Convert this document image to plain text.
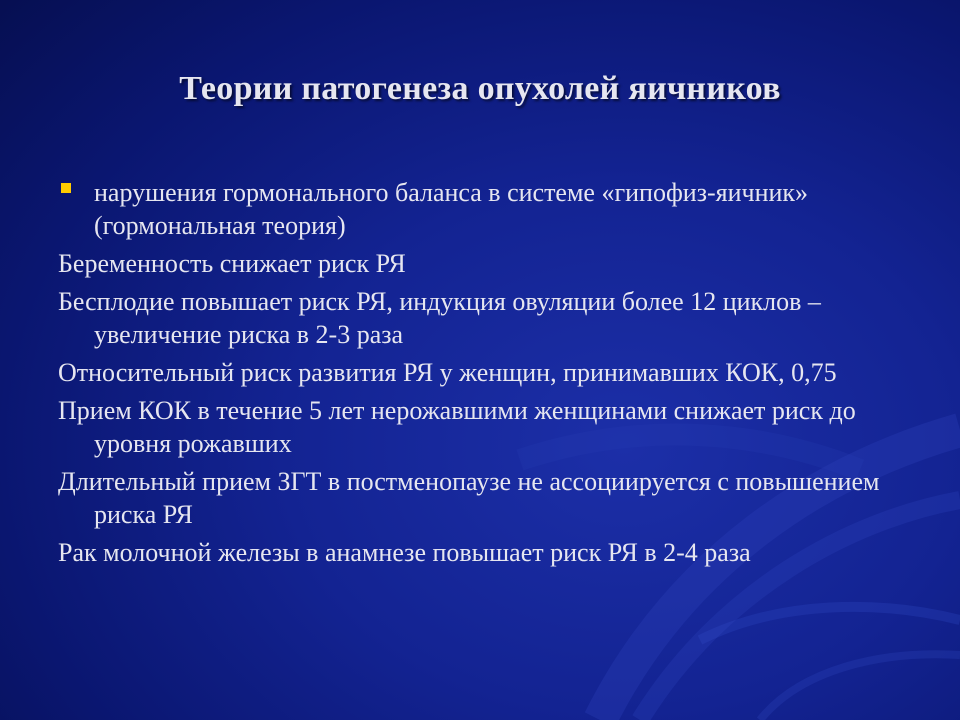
Теории патогенеза опухолей яичников
нарушения гормонального баланса в системе «гипофиз-яичник» (гормональная теория)
Беременность снижает риск РЯ
Бесплодие повышает риск РЯ, индукция овуляции более 12 циклов – увеличение риска в 2-3 раза
Относительный риск развития РЯ у женщин, принимавших КОК, 0,75
Прием КОК в течение 5 лет нерожавшими женщинами снижает риск до уровня рожавших
Длительный прием ЗГТ в постменопаузе не ассоциируется с повышением риска РЯ
Рак молочной железы в анамнезе повышает риск РЯ в 2-4 раза
